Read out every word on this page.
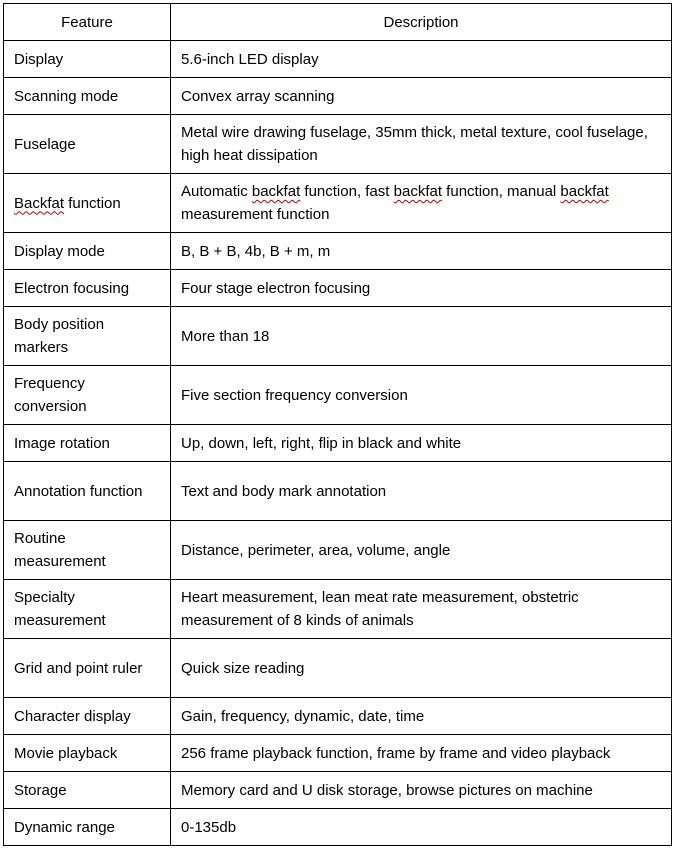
Feature	Description
Display	5.6-inch LED display
Scanning mode	Convex array scanning
Fuselage	Metal wire drawing fuselage, 35mm thick, metal texture, cool fuselage, high heat dissipation
Backfat function	Automatic backfat function, fast backfat function, manual backfat measurement function
Display mode	B, B + B, 4b, B + m, m
Electron focusing	Four stage electron focusing
Body position markers	More than 18
Frequency conversion	Five section frequency conversion
Image rotation	Up, down, left, right, flip in black and white
Annotation function	Text and body mark annotation
Routine measurement	Distance, perimeter, area, volume, angle
Specialty measurement	Heart measurement, lean meat rate measurement, obstetric measurement of 8 kinds of animals
Grid and point ruler	Quick size reading
Character display	Gain, frequency, dynamic, date, time
Movie playback	256 frame playback function, frame by frame and video playback
Storage	Memory card and U disk storage, browse pictures on machine
Dynamic range	0-135db
